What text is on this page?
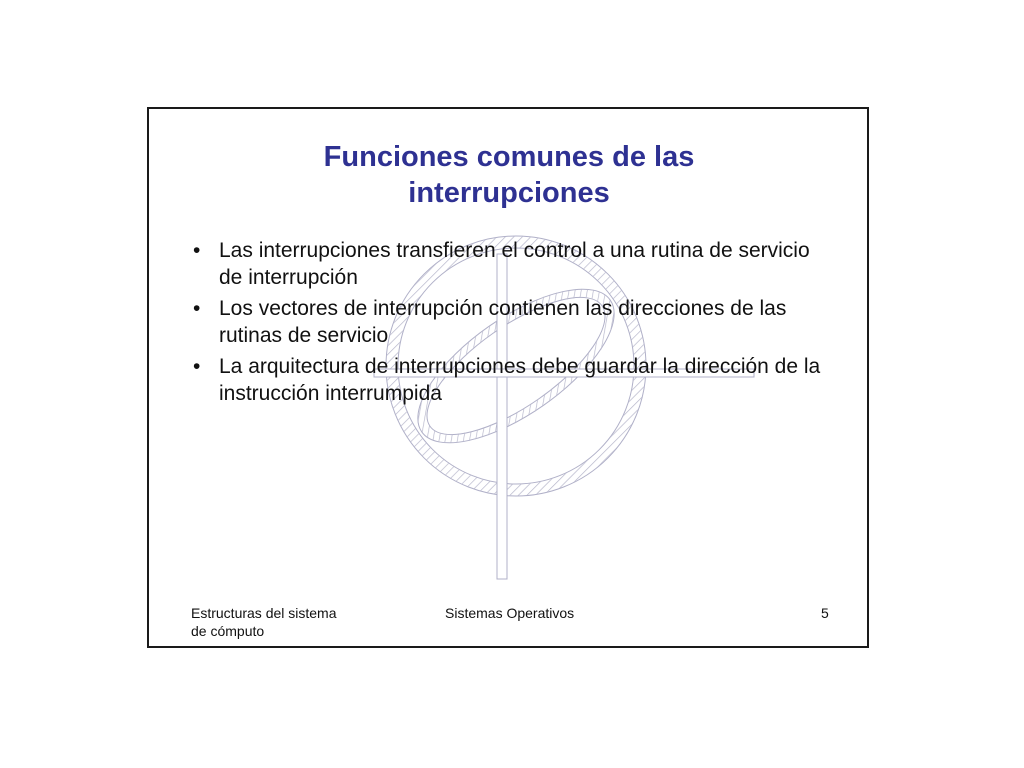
Funciones comunes de las
interrupciones
• Las interrupciones transfieren el control a una rutina de servicio de interrupción
• Los vectores de interrupción contienen las direcciones de las rutinas de servicio
• La arquitectura de interrupciones debe guardar la dirección de la instrucción interrumpida
Estructuras del sistema
de cómputo
Sistemas Operativos	5
